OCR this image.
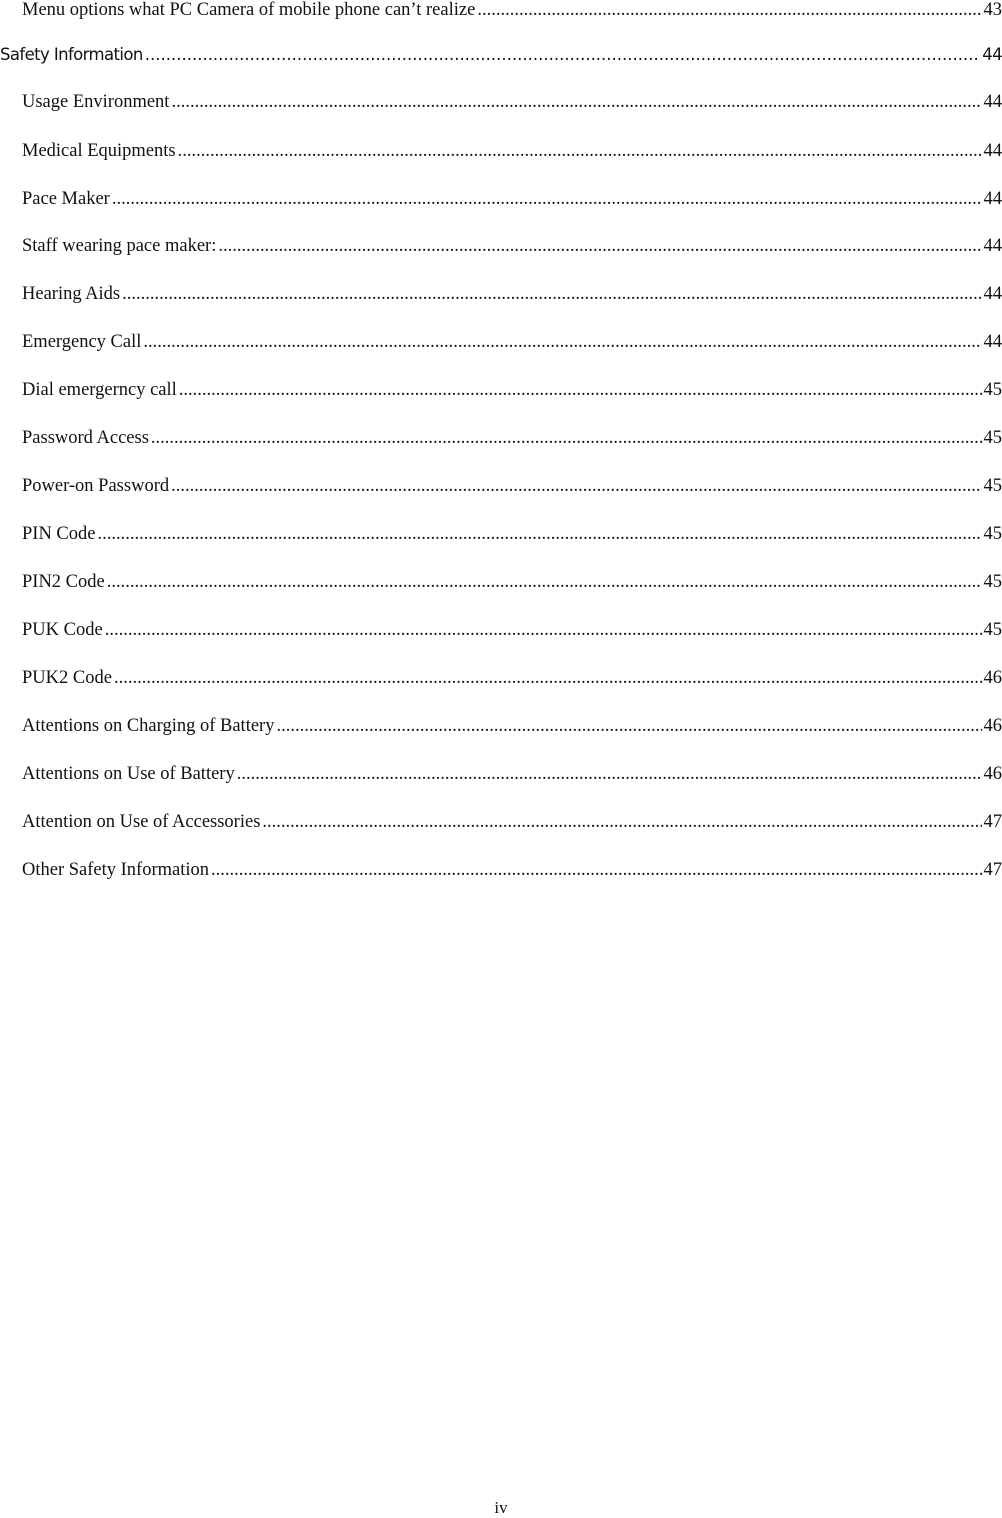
Menu options what PC Camera of mobile phone can’t realize .....	43
Safety Information .....	44
Usage Environment .....	44
Medical Equipments .....	44
Pace Maker .....	44
Staff wearing pace maker: .....	44
Hearing Aids .....	44
Emergency Call .....	44
Dial emergerncy call .....	45
Password Access .....	45
Power-on Password .....	45
PIN Code .....	45
PIN2 Code .....	45
PUK Code .....	45
PUK2 Code .....	46
Attentions on Charging of Battery .....	46
Attentions on Use of Battery .....	46
Attention on Use of Accessories .....	47
Other Safety Information .....	47
iv
